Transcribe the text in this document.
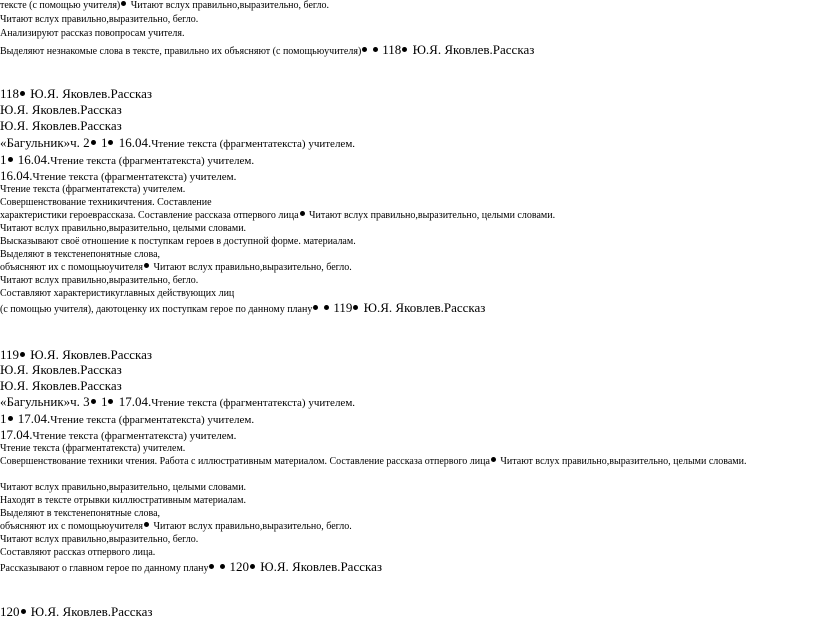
тексте (с помощью учителя) Читают вслух правильно,выразительно, бегло.
Читают вслух правильно,выразительно, бегло.
Анализируют рассказ повопросам учителя.
Выделяют незнакомые слова в тексте, правильно их объясняют (с помощьюучителя) 118 Ю.Я. Яковлев.Рассказ
118 Ю.Я. Яковлев.Рассказ
Ю.Я. Яковлев.Рассказ
Ю.Я. Яковлев.Рассказ
«Багульник»ч. 2 1 16.04.Чтение текста (фрагментатекста) учителем.
1 16.04.Чтение текста (фрагментатекста) учителем.
16.04.Чтение текста (фрагментатекста) учителем.
Чтение текста (фрагментатекста) учителем.
Совершенствование техникичтения. Составление
характеристики героеврассказа. Составление рассказа отпервого лица Читают вслух правильно,выразительно, целыми словами.
Читают вслух правильно,выразительно, целыми словами.
Высказывают своё отношение к поступкам героев в доступной форме. материалам.
Выделяют в текстенепонятные слова,
объясняют их с помощьюучителя Читают вслух правильно,выразительно, бегло.
Читают вслух правильно,выразительно, бегло.
Составляют характеристикуглавных действующих лиц
(с помощью учителя), даютоценку их поступкам герое по данному плану 119 Ю.Я. Яковлев.Рассказ
119 Ю.Я. Яковлев.Рассказ
Ю.Я. Яковлев.Рассказ
Ю.Я. Яковлев.Рассказ
«Багульник»ч. 3 1 17.04.Чтение текста (фрагментатекста) учителем.
1 17.04.Чтение текста (фрагментатекста) учителем.
17.04.Чтение текста (фрагментатекста) учителем.
Чтение текста (фрагментатекста) учителем.
Совершенствование техники чтения. Работа с иллюстративным материалом. Составление рассказа отпервого лица Читают вслух правильно,выразительно, целыми словами.
Читают вслух правильно,выразительно, целыми словами.
Находят в тексте отрывки киллюстративным материалам.
Выделяют в текстенепонятные слова,
объясняют их с помощьюучителя Читают вслух правильно,выразительно, бегло.
Читают вслух правильно,выразительно, бегло.
Составляют рассказ отпервого лица.
Рассказывают о главном герое по данному плану 120 Ю.Я. Яковлев.Рассказ
120 Ю.Я. Яковлев.Рассказ
